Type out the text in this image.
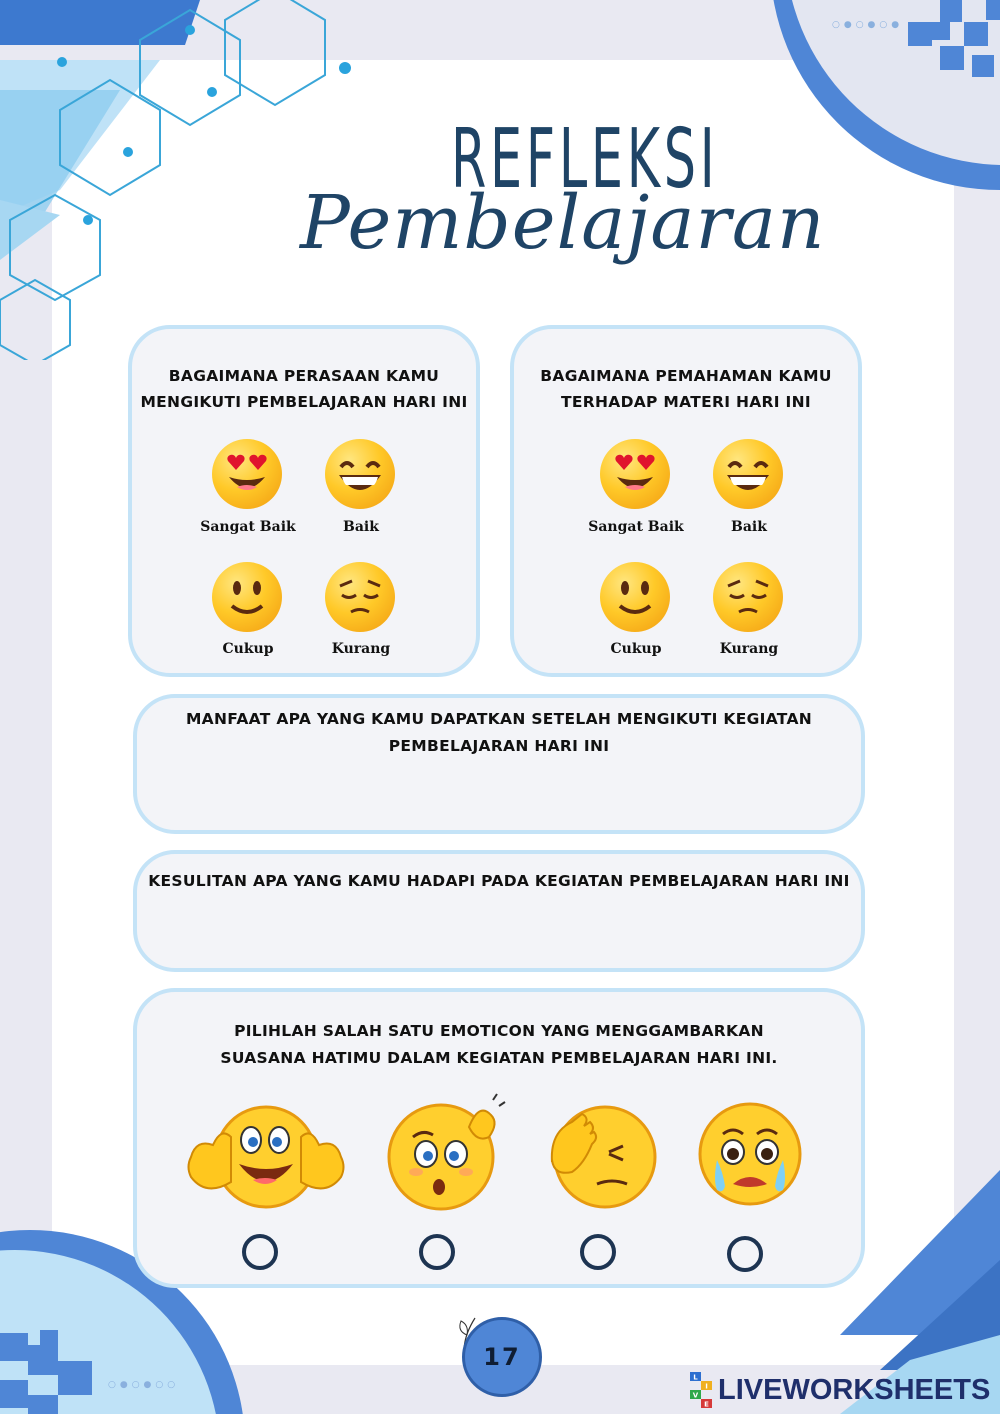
○●○●○●
○●○●○○
REFLEKSI
Pembelajaran
BAGAIMANA PERASAAN KAMU
MENGIKUTI PEMBELAJARAN HARI INI
Sangat Baik	Baik
Cukup	Kurang
BAGAIMANA PEMAHAMAN KAMU
TERHADAP MATERI HARI INI
Sangat Baik	Baik
Cukup	Kurang
MANFAAT APA YANG KAMU DAPATKAN SETELAH MENGIKUTI KEGIATAN
PEMBELAJARAN HARI INI
KESULITAN APA YANG KAMU HADAPI PADA KEGIATAN PEMBELAJARAN HARI INI
PILIHLAH SALAH SATU EMOTICON YANG MENGGAMBARKAN
SUASANA HATIMU DALAM KEGIATAN PEMBELAJARAN HARI INI.
17
L
I
V
E LIVEWORKSHEETS
